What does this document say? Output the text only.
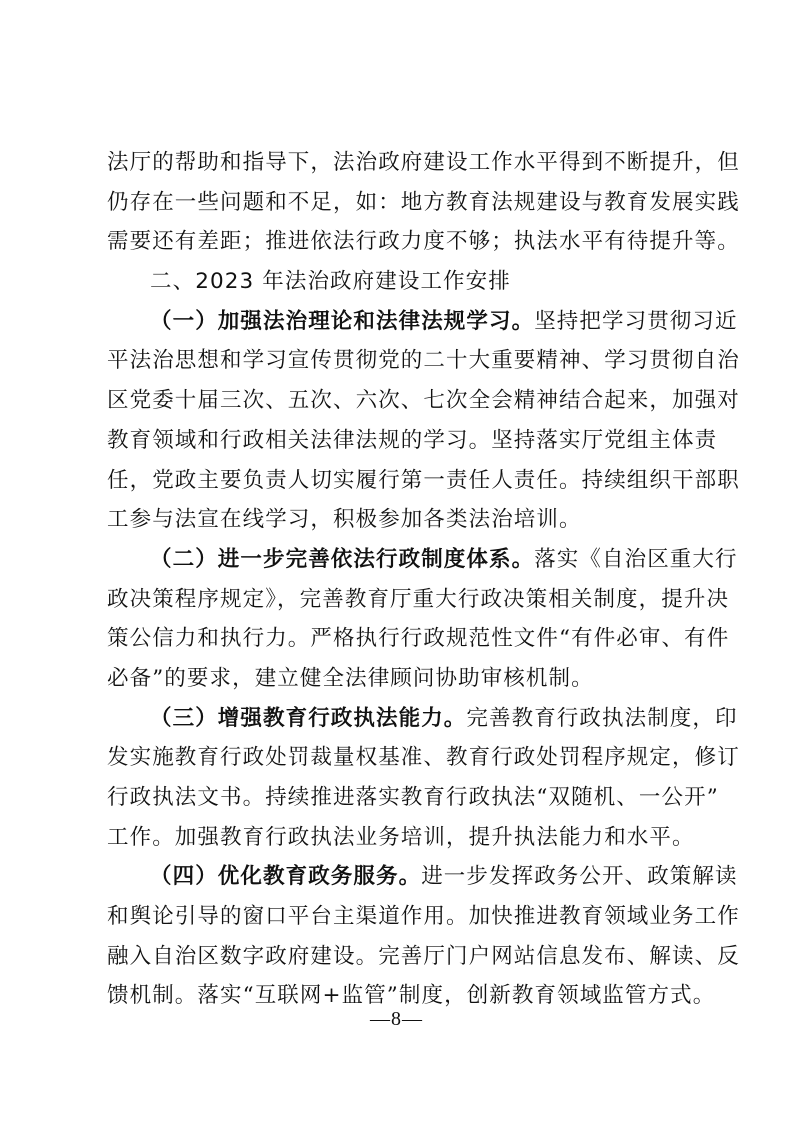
法厅的帮助和指导下，法治政府建设工作水平得到不断提升，但
仍存在一些问题和不足，如：地方教育法规建设与教育发展实践
需要还有差距；推进依法行政力度不够；执法水平有待提升等。
二、2023 年法治政府建设工作安排
（一）加强法治理论和法律法规学习。坚持把学习贯彻习近
平法治思想和学习宣传贯彻党的二十大重要精神、学习贯彻自治
区党委十届三次、五次、六次、七次全会精神结合起来，加强对
教育领域和行政相关法律法规的学习。坚持落实厅党组主体责
任，党政主要负责人切实履行第一责任人责任。持续组织干部职
工参与法宣在线学习，积极参加各类法治培训。
（二）进一步完善依法行政制度体系。落实《自治区重大行
政决策程序规定》，完善教育厅重大行政决策相关制度，提升决
策公信力和执行力。严格执行行政规范性文件“有件必审、有件
必备”的要求，建立健全法律顾问协助审核机制。
（三）增强教育行政执法能力。完善教育行政执法制度，印
发实施教育行政处罚裁量权基准、教育行政处罚程序规定，修订
行政执法文书。持续推进落实教育行政执法“双随机、一公开”
工作。加强教育行政执法业务培训，提升执法能力和水平。
（四）优化教育政务服务。进一步发挥政务公开、政策解读
和舆论引导的窗口平台主渠道作用。加快推进教育领域业务工作
融入自治区数字政府建设。完善厅门户网站信息发布、解读、反
馈机制。落实“互联网+监管”制度，创新教育领域监管方式。
—8—
